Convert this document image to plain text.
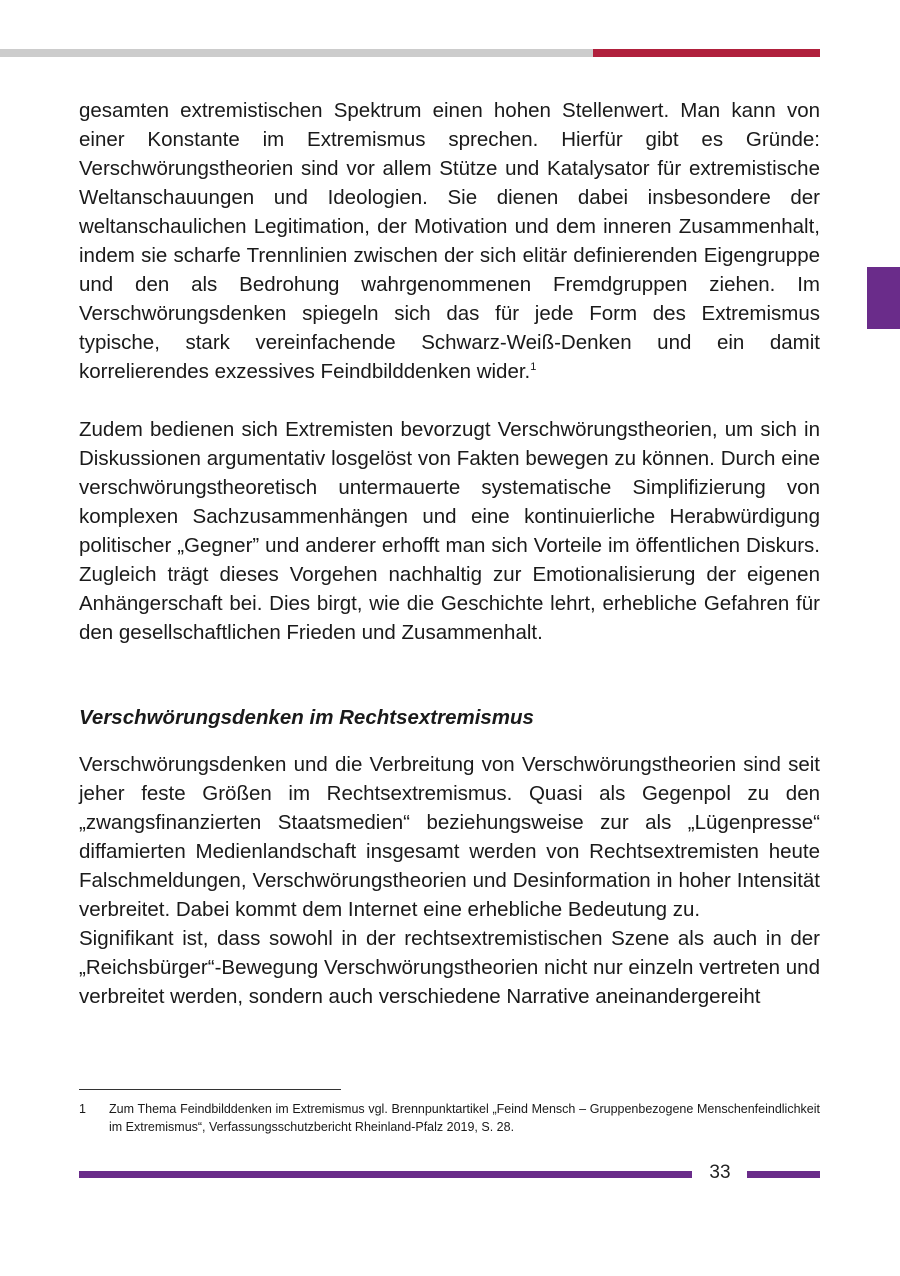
gesamten extremistischen Spektrum einen hohen Stellenwert. Man kann von einer Konstante im Extremismus sprechen. Hierfür gibt es Gründe: Verschwörungstheorien sind vor allem Stütze und Katalysator für extremistische Weltanschauungen und Ideologien. Sie dienen dabei insbesondere der weltanschaulichen Legitimation, der Motivation und dem inneren Zusammenhalt, indem sie scharfe Trennlinien zwischen der sich elitär definierenden Eigengruppe und den als Bedrohung wahrgenommenen Fremdgruppen ziehen. Im Verschwörungsdenken spiegeln sich das für jede Form des Extremismus typische, stark vereinfachende Schwarz-Weiß-Denken und ein damit korrelierendes exzessives Feindbilddenken wider.$^1$

Zudem bedienen sich Extremisten bevorzugt Verschwörungstheorien, um sich in Diskussionen argumentativ losgelöst von Fakten bewegen zu können. Durch eine verschwörungstheoretisch untermauerte systematische Simplifizierung von komplexen Sachzusammenhängen und eine kontinuierliche Herabwürdigung politischer „Gegner” und anderer erhofft man sich Vorteile im öffentlichen Diskurs. Zugleich trägt dieses Vorgehen nachhaltig zur Emotionalisierung der eigenen Anhängerschaft bei. Dies birgt, wie die Geschichte lehrt, erhebliche Gefahren für den gesellschaftlichen Frieden und Zusammenhalt.

Verschwörungsdenken im Rechtsextremismus

Verschwörungsdenken und die Verbreitung von Verschwörungstheorien sind seit jeher feste Größen im Rechtsextremismus. Quasi als Gegenpol zu den „zwangsfinanzierten Staatsmedien“ beziehungsweise zur als „Lügenpresse“ diffamierten Medienlandschaft insgesamt werden von Rechtsextremisten heute Falschmeldungen, Verschwörungstheorien und Desinformation in hoher Intensität verbreitet. Dabei kommt dem Internet eine erhebliche Bedeutung zu.

Signifikant ist, dass sowohl in der rechtsextremistischen Szene als auch in der „Reichsbürger“-Bewegung Verschwörungstheorien nicht nur einzeln vertreten und verbreitet werden, sondern auch verschiedene Narrative aneinandergereiht

1	Zum Thema Feindbilddenken im Extremismus vgl. Brennpunktartikel „Feind Mensch – Gruppenbezogene Menschenfeindlichkeit im Extremismus“, Verfassungsschutzbericht Rheinland-Pfalz 2019, S. 28.
33
